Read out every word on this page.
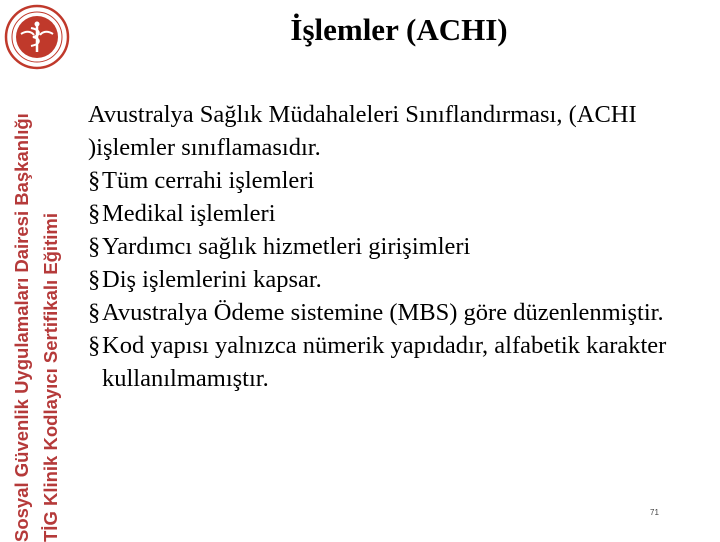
Sosyal Güvenlik Uygulamaları Dairesi Başkanlığı TİG Klinik Kodlayıcı Sertifikalı Eğitimi
İşlemler (ACHI)

Avustralya Sağlık Müdahaleleri Sınıflandırması, (ACHI )işlemler sınıflamasıdır.

§ Tüm cerrahi işlemleri
§ Medikal işlemleri
§ Yardımcı sağlık hizmetleri girişimleri
§ Diş işlemlerini kapsar.
§ Avustralya Ödeme sistemine (MBS) göre düzenlenmiştir.
§ Kod yapısı yalnızca nümerik yapıdadır, alfabetik karakter kullanılmamıştır.
71
